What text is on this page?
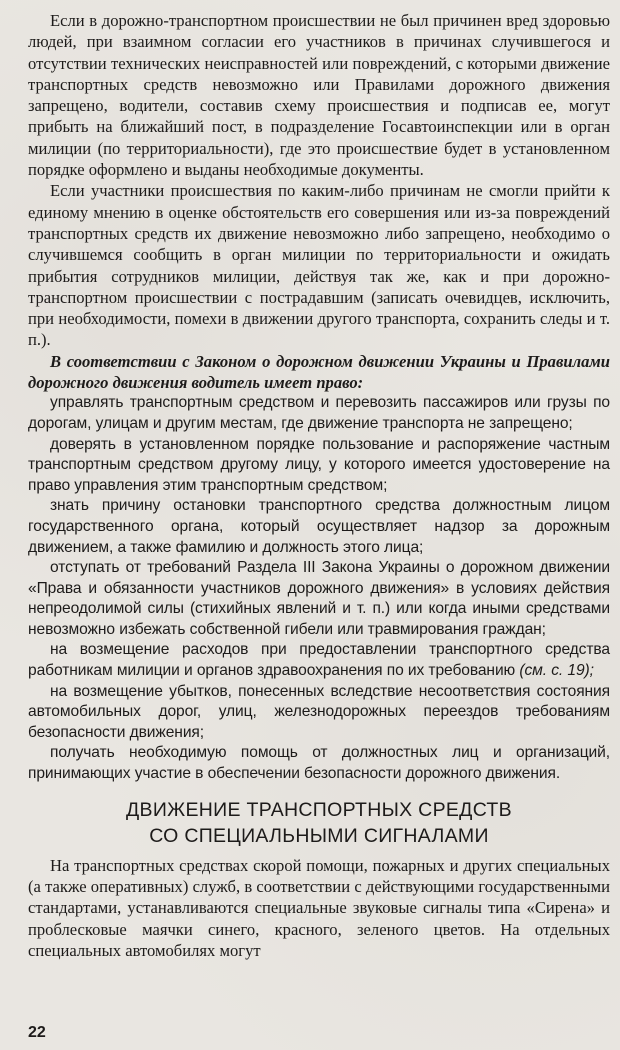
Если в дорожно-транспортном происшествии не был причинен вред здоровью людей, при взаимном согласии его участников в причинах случившегося и отсутствии технических неисправностей или повреждений, с которыми движение транспортных средств невозможно или Правилами дорожного движения запрещено, водители, составив схему происшествия и подписав ее, могут прибыть на ближайший пост, в подразделение Госавтоинспекции или в орган милиции (по территориальности), где это происшествие будет в установленном порядке оформлено и выданы необходимые документы.

Если участники происшествия по каким-либо причинам не смогли прийти к единому мнению в оценке обстоятельств его совершения или из-за повреждений транспортных средств их движение невозможно либо запрещено, необходимо о случившемся сообщить в орган милиции по территориальности и ожидать прибытия сотрудников милиции, действуя так же, как и при дорожно-транспортном происшествии с пострадавшим (записать очевидцев, исключить, при необходимости, помехи в движении другого транспорта, сохранить следы и т. п.).

В соответствии с Законом о дорожном движении Украины и Правилами дорожного движения водитель имеет право:

управлять транспортным средством и перевозить пассажиров или грузы по дорогам, улицам и другим местам, где движение транспорта не запрещено;

доверять в установленном порядке пользование и распоряжение частным транспортным средством другому лицу, у которого имеется удостоверение на право управления этим транспортным средством;

знать причину остановки транспортного средства должностным лицом государственного органа, который осуществляет надзор за дорожным движением, а также фамилию и должность этого лица;

отступать от требований Раздела III Закона Украины о дорожном движении «Права и обязанности участников дорожного движения» в условиях действия непреодолимой силы (стихийных явлений и т. п.) или когда иными средствами невозможно избежать собственной гибели или травмирования граждан;

на возмещение расходов при предоставлении транспортного средства работникам милиции и органов здравоохранения по их требованию (см. с. 19);

на возмещение убытков, понесенных вследствие несоответствия состояния автомобильных дорог, улиц, железнодорожных переездов требованиям безопасности движения;

получать необходимую помощь от должностных лиц и организаций, принимающих участие в обеспечении безопасности дорожного движения.

ДВИЖЕНИЕ ТРАНСПОРТНЫХ СРЕДСТВ
СО СПЕЦИАЛЬНЫМИ СИГНАЛАМИ

На транспортных средствах скорой помощи, пожарных и других специальных (а также оперативных) служб, в соответствии с действующими государственными стандартами, устанавливаются специальные звуковые сигналы типа «Сирена» и проблесковые маячки синего, красного, зеленого цветов. На отдельных специальных автомобилях могут

22
